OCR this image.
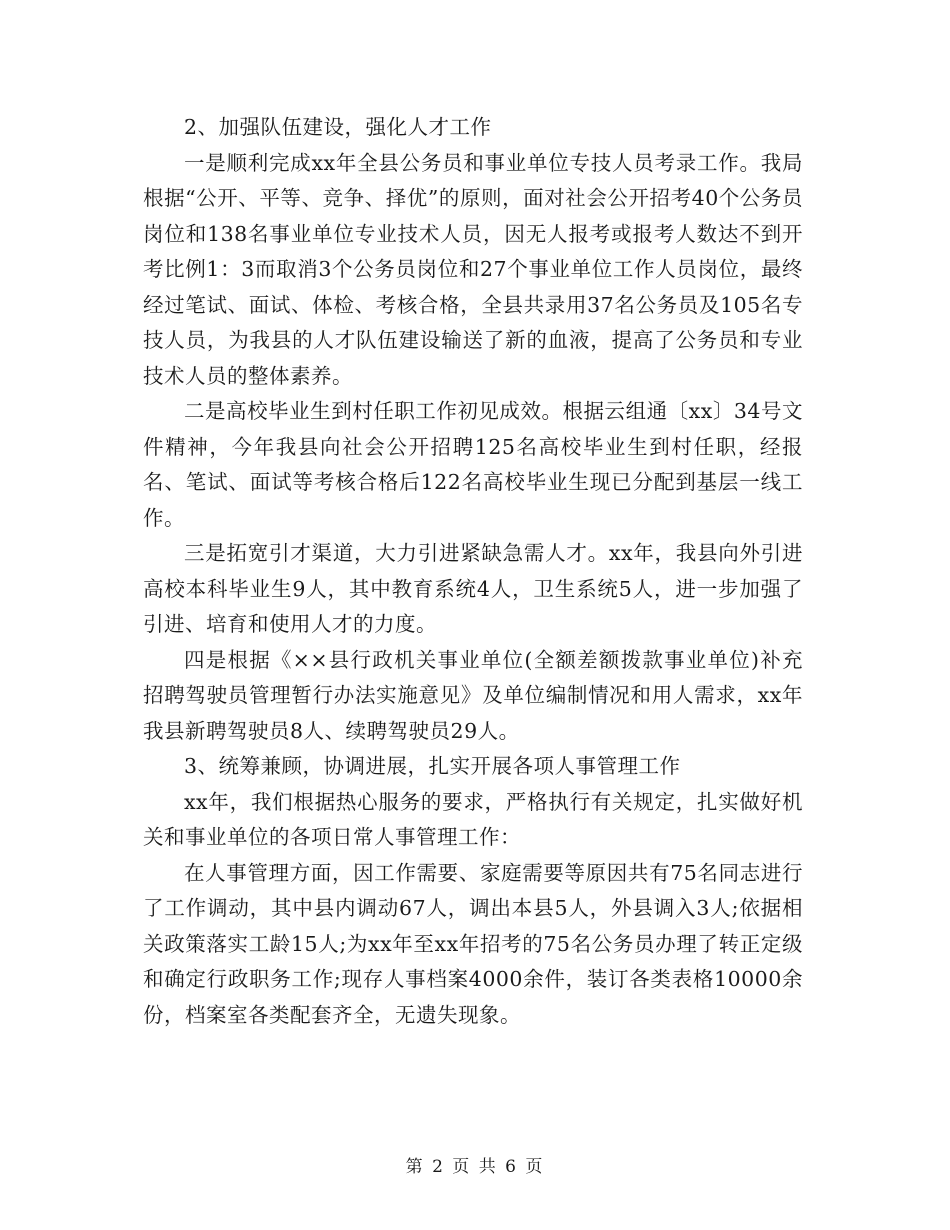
2、加强队伍建设，强化人才工作

一是顺利完成xx年全县公务员和事业单位专技人员考录工作。我局根据“公开、平等、竞争、择优”的原则，面对社会公开招考40个公务员岗位和138名事业单位专业技术人员，因无人报考或报考人数达不到开考比例1：3而取消3个公务员岗位和27个事业单位工作人员岗位，最终经过笔试、面试、体检、考核合格，全县共录用37名公务员及105名专技人员，为我县的人才队伍建设输送了新的血液，提高了公务员和专业技术人员的整体素养。

二是高校毕业生到村任职工作初见成效。根据云组通〔xx〕34号文件精神，今年我县向社会公开招聘125名高校毕业生到村任职，经报名、笔试、面试等考核合格后122名高校毕业生现已分配到基层一线工作。

三是拓宽引才渠道，大力引进紧缺急需人才。xx年，我县向外引进高校本科毕业生9人，其中教育系统4人，卫生系统5人，进一步加强了引进、培育和使用人才的力度。

四是根据《××县行政机关事业单位(全额差额拨款事业单位)补充招聘驾驶员管理暂行办法实施意见》及单位编制情况和用人需求，xx年我县新聘驾驶员8人、续聘驾驶员29人。

3、统筹兼顾，协调进展，扎实开展各项人事管理工作

xx年，我们根据热心服务的要求，严格执行有关规定，扎实做好机关和事业单位的各项日常人事管理工作：

在人事管理方面，因工作需要、家庭需要等原因共有75名同志进行了工作调动，其中县内调动67人，调出本县5人，外县调入3人;依据相关政策落实工龄15人;为xx年至xx年招考的75名公务员办理了转正定级和确定行政职务工作;现存人事档案4000余件，装订各类表格10000余份，档案室各类配套齐全，无遗失现象。

第 2 页 共 6 页
